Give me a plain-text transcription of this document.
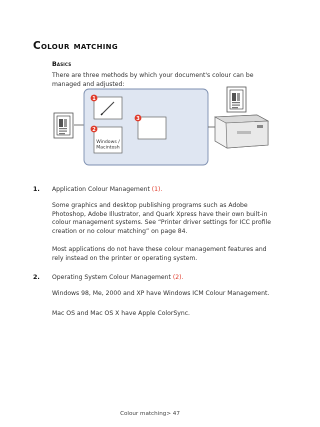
Colour matching
Basics
There are three methods by which your document's colour can be managed and adjusted:
1
Windows /
Macintosh
2
3
1. Application Colour Management (1).
Some graphics and desktop publishing programs such as Adobe Photoshop, Adobe Illustrator, and Quark Xpress have their own built-in colour management systems. See “Printer driver settings for ICC profile creation or no colour matching” on page 84.
Most applications do not have these colour management features and rely instead on the printer or operating system.
2. Operating System Colour Management (2).
Windows 98, Me, 2000 and XP have Windows ICM Colour Management.
Mac OS and Mac OS X have Apple ColorSync.
Colour matching> 47
